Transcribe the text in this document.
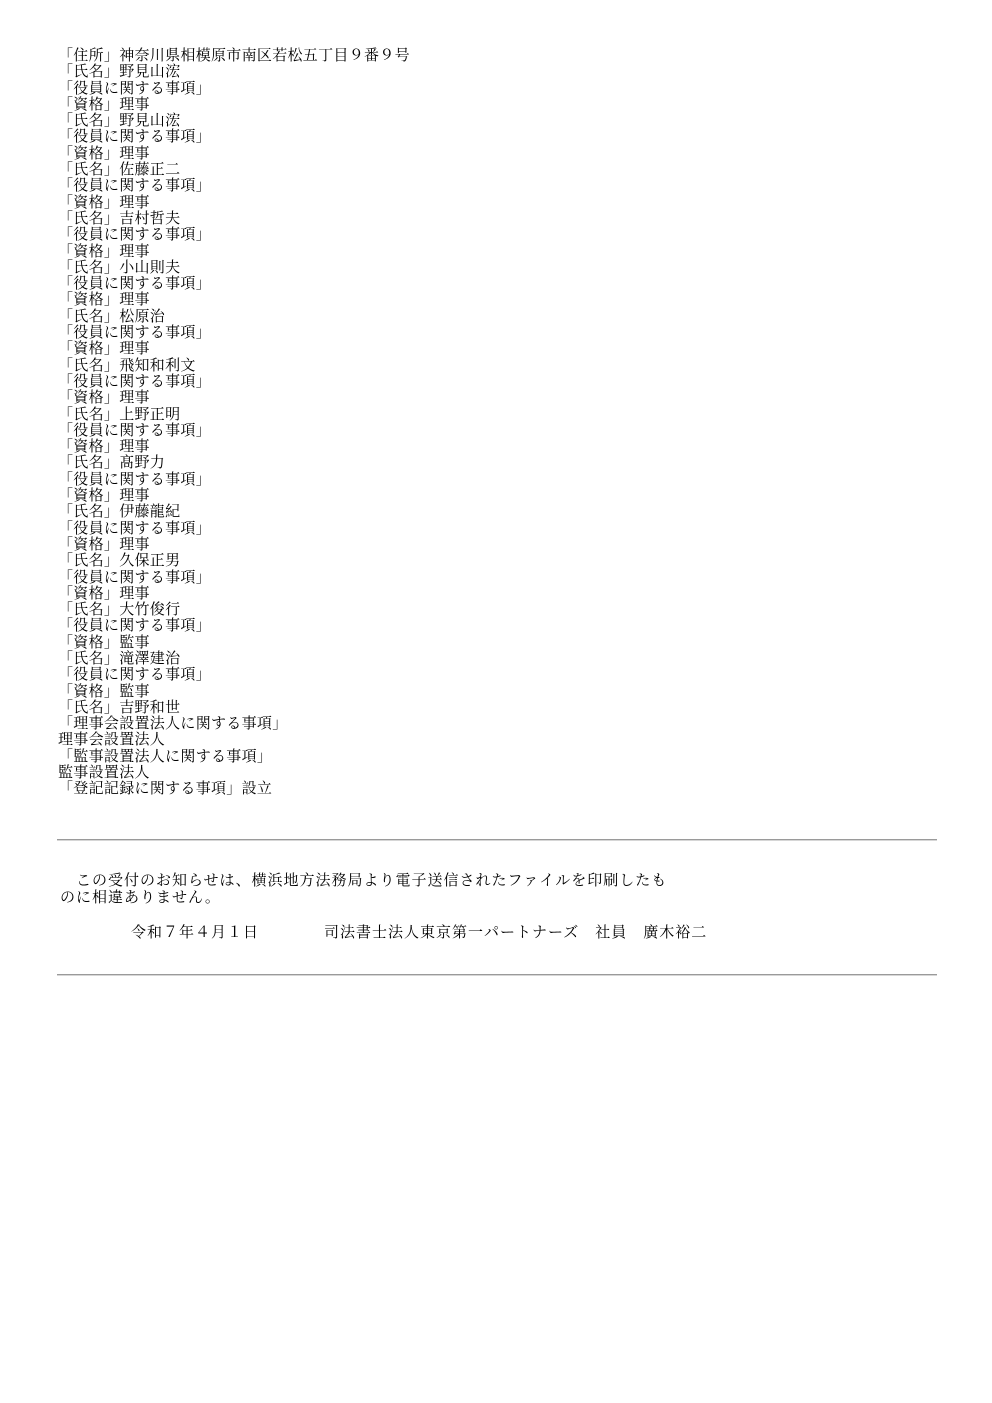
「住所」神奈川県相模原市南区若松五丁目９番９号
「氏名」野見山浤
「役員に関する事項」
「資格」理事
「氏名」野見山浤
「役員に関する事項」
「資格」理事
「氏名」佐藤正二
「役員に関する事項」
「資格」理事
「氏名」吉村哲夫
「役員に関する事項」
「資格」理事
「氏名」小山則夫
「役員に関する事項」
「資格」理事
「氏名」松原治
「役員に関する事項」
「資格」理事
「氏名」飛知和利文
「役員に関する事項」
「資格」理事
「氏名」上野正明
「役員に関する事項」
「資格」理事
「氏名」髙野力
「役員に関する事項」
「資格」理事
「氏名」伊藤龍紀
「役員に関する事項」
「資格」理事
「氏名」久保正男
「役員に関する事項」
「資格」理事
「氏名」大竹俊行
「役員に関する事項」
「資格」監事
「氏名」滝澤建治
「役員に関する事項」
「資格」監事
「氏名」吉野和世
「理事会設置法人に関する事項」
理事会設置法人
「監事設置法人に関する事項」
監事設置法人
「登記記録に関する事項」設立
　この受付のお知らせは、横浜地方法務局より電子送信されたファイルを印刷したも
のに相違ありません。
令和７年４月１日	司法書士法人東京第一パートナーズ　社員　廣木裕二
